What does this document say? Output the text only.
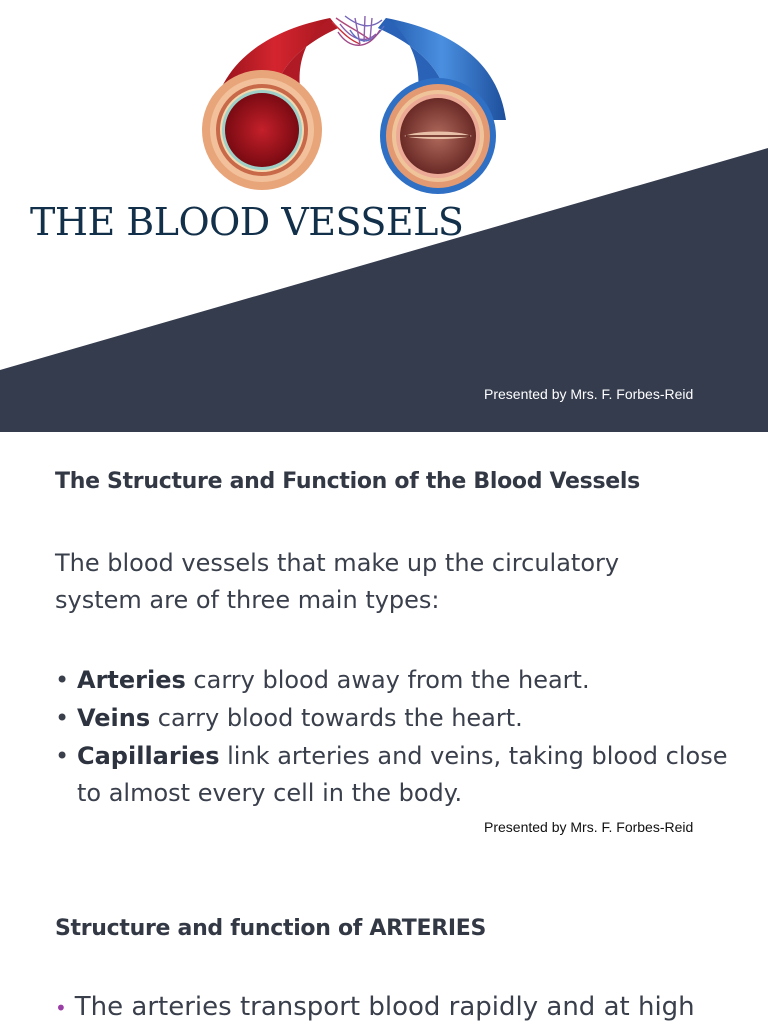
THE BLOOD VESSELS
Presented by Mrs. F. Forbes-Reid
The Structure and Function of the Blood Vessels

The blood vessels that make up the circulatory system are of three main types:

• Arteries carry blood away from the heart.
• Veins carry blood towards the heart.
• Capillaries link arteries and veins, taking blood close to almost every cell in the body.
Presented by Mrs. F. Forbes-Reid
Structure and function of ARTERIES

• The arteries transport blood rapidly and at high
